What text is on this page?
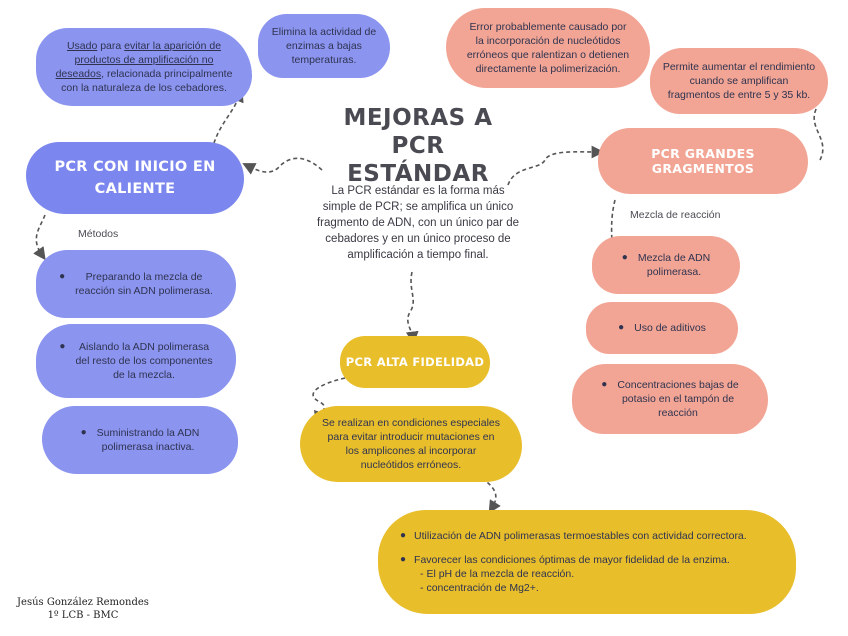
MEJORAS A PCR
ESTÁNDAR
La PCR estándar es la forma más
simple de PCR; se amplifica un único
fragmento de ADN, con un único par de
cebadores y en un único proceso de
amplificación a tiempo final.
Usado para evitar la aparición de
productos de amplificación no
deseados, relacionada principalmente
con la naturaleza de los cebadores.
Elimina la actividad de
enzimas a bajas
temperaturas.
PCR CON INICIO EN
CALIENTE
Métodos
●	Preparando la mezcla de
reacción sin ADN polimerasa.
●	Aislando la ADN polimerasa
del resto de los componentes
de la mezcla.
● Suministrando la ADN
polimerasa inactiva.
Error probablemente causado por
la incorporación de nucleótidos
erróneos que ralentizan o detienen
directamente la polimerización.	Permite aumentar el rendimiento
cuando se amplifican
fragmentos de entre 5 y 35 kb.
PCR GRANDES GRAGMENTOS
Mezcla de reacción
● Mezcla de ADN
polimerasa.
● Uso de aditivos
● Concentraciones bajas de
potasio en el tampón de
reacción
PCR ALTA FIDELIDAD
Se realizan en condiciones especiales
para evitar introducir mutaciones en
los amplicones al incorporar
nucleótidos erróneos.
● Utilización de ADN polimerasas termoestables con actividad correctora.
● Favorecer las condiciones óptimas de mayor fidelidad de la enzima.
- El pH de la mezcla de reacción.
- concentración de Mg2+.
Jesús González Remondes
1º LCB - BMC
